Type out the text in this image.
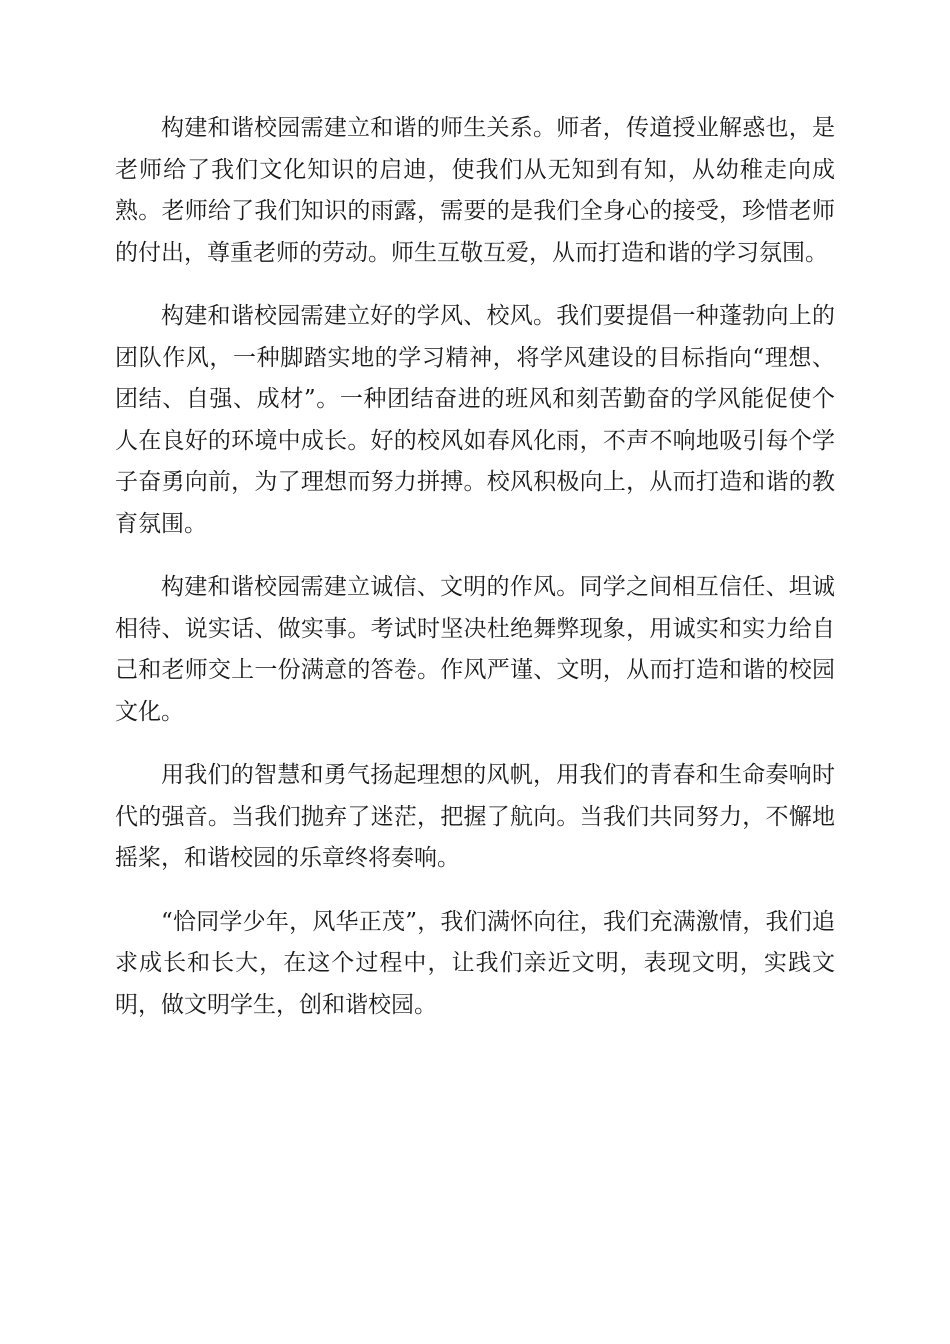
构建和谐校园需建立和谐的师生关系。师者，传道授业解惑也，是老师给了我们文化知识的启迪，使我们从无知到有知，从幼稚走向成熟。老师给了我们知识的雨露，需要的是我们全身心的接受，珍惜老师的付出，尊重老师的劳动。师生互敬互爱，从而打造和谐的学习氛围。

构建和谐校园需建立好的学风、校风。我们要提倡一种蓬勃向上的团队作风，一种脚踏实地的学习精神，将学风建设的目标指向“理想、团结、自强、成材”。一种团结奋进的班风和刻苦勤奋的学风能促使个人在良好的环境中成长。好的校风如春风化雨，不声不响地吸引每个学子奋勇向前，为了理想而努力拼搏。校风积极向上，从而打造和谐的教育氛围。

构建和谐校园需建立诚信、文明的作风。同学之间相互信任、坦诚相待、说实话、做实事。考试时坚决杜绝舞弊现象，用诚实和实力给自己和老师交上一份满意的答卷。作风严谨、文明，从而打造和谐的校园文化。

用我们的智慧和勇气扬起理想的风帆，用我们的青春和生命奏响时代的强音。当我们抛弃了迷茫，把握了航向。当我们共同努力，不懈地摇桨，和谐校园的乐章终将奏响。

“恰同学少年，风华正茂”，我们满怀向往，我们充满激情，我们追求成长和长大，在这个过程中，让我们亲近文明，表现文明，实践文明，做文明学生，创和谐校园。
